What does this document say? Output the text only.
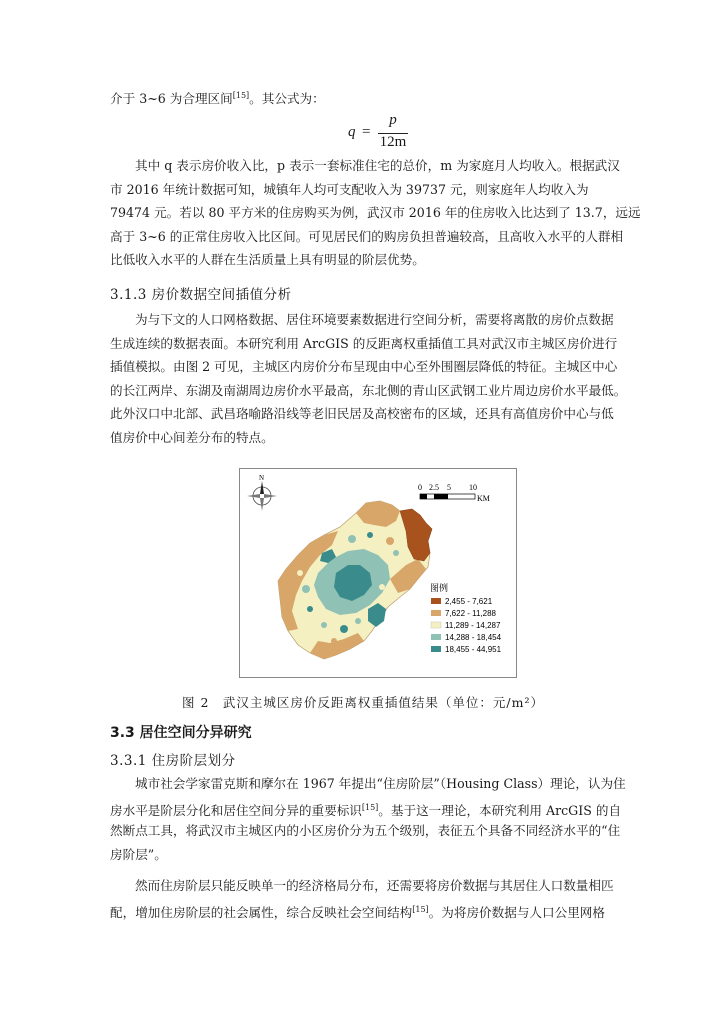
介于 3~6 为合理区间[15]。其公式为：
q =
p
12m
其中 q 表示房价收入比，p 表示一套标准住宅的总价，m 为家庭月人均收入。根据武汉
市 2016 年统计数据可知，城镇年人均可支配收入为 39737 元，则家庭年人均收入为
79474 元。若以 80 平方米的住房购买为例，武汉市 2016 年的住房收入比达到了 13.7，远远
高于 3~6 的正常住房收入比区间。可见居民们的购房负担普遍较高，且高收入水平的人群相
比低收入水平的人群在生活质量上具有明显的阶层优势。
3.1.3 房价数据空间插值分析
为与下文的人口网格数据、居住环境要素数据进行空间分析，需要将离散的房价点数据
生成连续的数据表面。本研究利用 ArcGIS 的反距离权重插值工具对武汉市主城区房价进行
插值模拟。由图 2 可见，主城区内房价分布呈现由中心至外围圈层降低的特征。主城区中心
的长江两岸、东湖及南湖周边房价水平最高，东北侧的青山区武钢工业片周边房价水平最低。
此外汉口中北部、武昌珞喻路沿线等老旧民居及高校密布的区域，还具有高值房价中心与低
值房价中心间差分布的特点。
N
0 2.5 5 10
KM
图例
2,455 - 7,621
7,622 - 11,288
11,289 - 14,287
14,288 - 18,454
18,455 - 44,951
图 2　武汉主城区房价反距离权重插值结果（单位：元/m²）
3.3 居住空间分异研究
3.3.1 住房阶层划分
城市社会学家雷克斯和摩尔在 1967 年提出“住房阶层”（Housing Class）理论，认为住
房水平是阶层分化和居住空间分异的重要标识[15]。基于这一理论，本研究利用 ArcGIS 的自
然断点工具，将武汉市主城区内的小区房价分为五个级别，表征五个具备不同经济水平的“住
房阶层”。
然而住房阶层只能反映单一的经济格局分布，还需要将房价数据与其居住人口数量相匹
配，增加住房阶层的社会属性，综合反映社会空间结构[15]。为将房价数据与人口公里网格
